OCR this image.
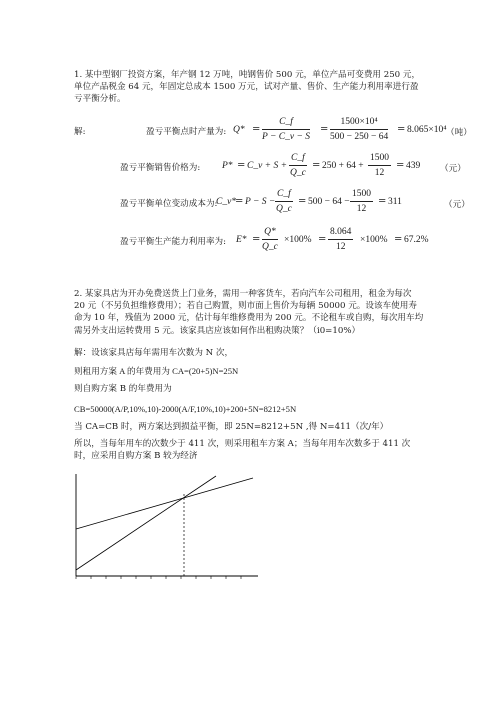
1. 某中型钢厂投资方案，年产钢 12 万吨，吨钢售价 500 元，单位产品可变费用 250 元，单位产品税金 64 元，年固定总成本 1500 万元，试对产量、售价、生产能力利用率进行盈亏平衡分析。
解:	盈亏平衡点时产量为: $Q* = \frac{C\_f}{P - C\_v - S} = \frac{\text{1500×10⁴}}{500 - 250 - 64} = 8.065\times 10^4$ （吨）
盈亏平衡销售价格为: P* = C_v + $S + \frac{C\_f}{Q\_c} = 250 + 64 + \frac{1500}{12} = 439$ （元）
盈亏平衡单位变动成本为:
C_v*
= $P - S - \frac{C\_f}{Q\_c} = 500 - 64 - \frac{1500}{12} = 311$	（元）
盈亏平衡生产能力利用率为: $E* = \frac{Q*}{Q\_c} \times 100\% = \frac{8.064}{12} \times 100\% = 67.2\%$
2. 某家具店为开办免费送货上门业务，需用一种客货车，若向汽车公司租用，租金为每次 20 元（不另负担维修费用）；若自己购置，则市面上售价为每辆 50000 元。设该车使用寿命为 10 年，残值为 2000 元，估计每年维修费用为 200 元。不论租车或自购，每次用车均需另外支出运转费用 5 元。该家具店应该如何作出租购决策？（i0=10%）
解：设该家具店每年需用车次数为 N 次，
则租用方案 A 的年费用为 CA=(20+5)N=25N
则自购方案 B 的年费用为
CB=50000(A/P,10%,10)-2000(A/F,10%,10)+200+5N=8212+5N
当 CA=CB 时，两方案达到损益平衡，即 25N=8212+5N ,得 N=411（次/年）
所以，当每年用车的次数少于 411 次，则采用租车方案 A；当每年用车次数多于 411 次时，应采用自购方案 B 较为经济
